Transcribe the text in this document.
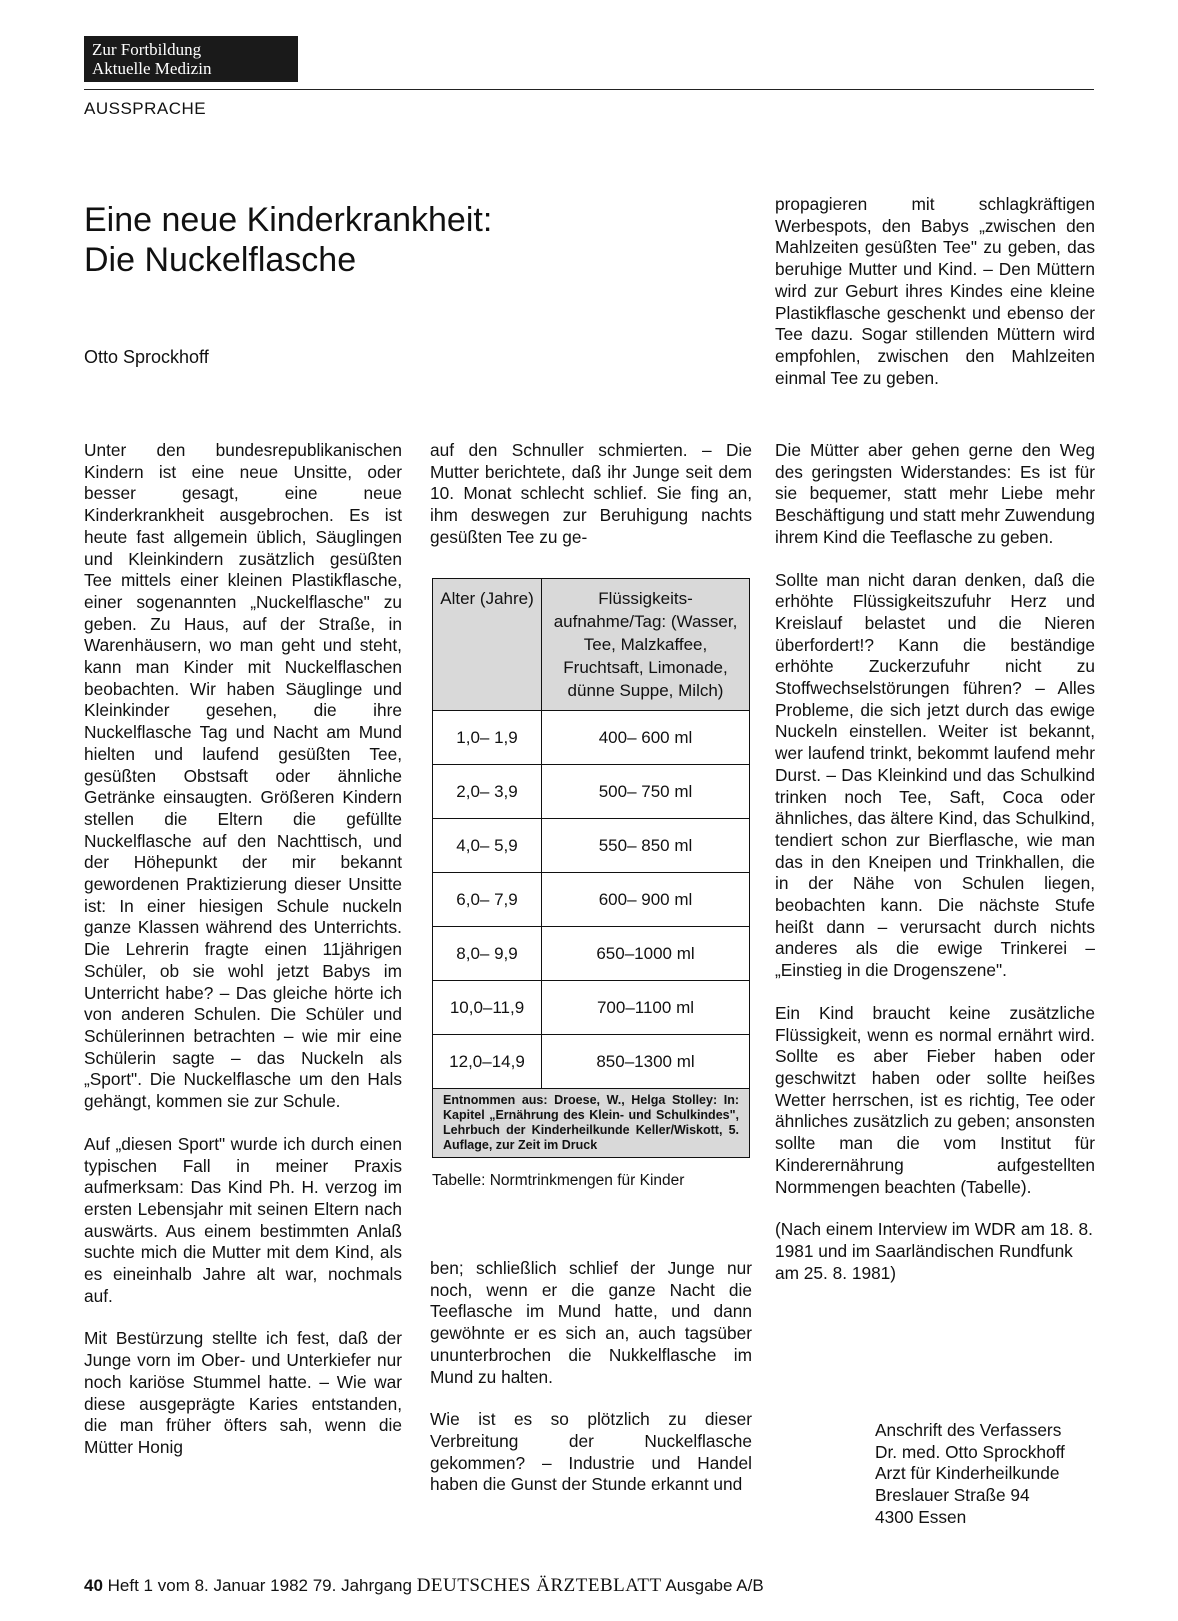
Zur Fortbildung
Aktuelle Medizin
AUSSPRACHE
Eine neue Kinderkrankheit:
Die Nuckelflasche
Otto Sprockhoff

Unter den bundesrepublikanischen Kindern ist eine neue Unsitte, oder besser gesagt, eine neue Kinderkrankheit ausgebrochen. Es ist heute fast allgemein üblich, Säuglingen und Kleinkindern zusätzlich gesüßten Tee mittels einer kleinen Plastikflasche, einer sogenannten „Nuckelflasche" zu geben. Zu Haus, auf der Straße, in Warenhäusern, wo man geht und steht, kann man Kinder mit Nuckelflaschen beobachten. Wir haben Säuglinge und Kleinkinder gesehen, die ihre Nuckelflasche Tag und Nacht am Mund hielten und laufend gesüßten Tee, gesüßten Obstsaft oder ähnliche Getränke einsaugten. Größeren Kindern stellen die Eltern die gefüllte Nuckelflasche auf den Nachttisch, und der Höhepunkt der mir bekannt gewordenen Praktizierung dieser Unsitte ist: In einer hiesigen Schule nuckeln ganze Klassen während des Unterrichts. Die Lehrerin fragte einen 11jährigen Schüler, ob sie wohl jetzt Babys im Unterricht habe? – Das gleiche hörte ich von anderen Schulen. Die Schüler und Schülerinnen betrachten – wie mir eine Schülerin sagte – das Nuckeln als „Sport". Die Nuckelflasche um den Hals gehängt, kommen sie zur Schule.

Auf „diesen Sport" wurde ich durch einen typischen Fall in meiner Praxis aufmerksam: Das Kind Ph. H. verzog im ersten Lebensjahr mit seinen Eltern nach auswärts. Aus einem bestimmten Anlaß suchte mich die Mutter mit dem Kind, als es eineinhalb Jahre alt war, nochmals auf.

Mit Bestürzung stellte ich fest, daß der Junge vorn im Ober- und Unterkiefer nur noch kariöse Stummel hatte. – Wie war diese ausgeprägte Karies entstanden, die man früher öfters sah, wenn die Mütter Honig

auf den Schnuller schmierten. – Die Mutter berichtete, daß ihr Junge seit dem 10. Monat schlecht schlief. Sie fing an, ihm deswegen zur Beruhigung nachts gesüßten Tee zu ge-

Alter (Jahre)	Flüssigkeits-aufnahme/Tag: (Wasser, Tee, Malzkaffee, Fruchtsaft, Limonade, dünne Suppe, Milch)
1,0– 1,9	400– 600 ml
2,0– 3,9	500– 750 ml
4,0– 5,9	550– 850 ml
6,0– 7,9	600– 900 ml
8,0– 9,9	650–1000 ml
10,0–11,9	700–1100 ml
12,0–14,9	850–1300 ml
Entnommen aus: Droese, W., Helga Stolley: In: Kapitel „Ernährung des Klein- und Schulkindes", Lehrbuch der Kinderheilkunde Keller/Wiskott, 5. Auflage, zur Zeit im Druck
Tabelle: Normtrinkmengen für Kinder

ben; schließlich schlief der Junge nur noch, wenn er die ganze Nacht die Teeflasche im Mund hatte, und dann gewöhnte er es sich an, auch tagsüber ununterbrochen die Nukkelflasche im Mund zu halten.

Wie ist es so plötzlich zu dieser Verbreitung der Nuckelflasche gekommen? – Industrie und Handel haben die Gunst der Stunde erkannt und

propagieren mit schlagkräftigen Werbespots, den Babys „zwischen den Mahlzeiten gesüßten Tee" zu geben, das beruhige Mutter und Kind. – Den Müttern wird zur Geburt ihres Kindes eine kleine Plastikflasche geschenkt und ebenso der Tee dazu. Sogar stillenden Müttern wird empfohlen, zwischen den Mahlzeiten einmal Tee zu geben.

Die Mütter aber gehen gerne den Weg des geringsten Widerstandes: Es ist für sie bequemer, statt mehr Liebe mehr Beschäftigung und statt mehr Zuwendung ihrem Kind die Teeflasche zu geben.

Sollte man nicht daran denken, daß die erhöhte Flüssigkeitszufuhr Herz und Kreislauf belastet und die Nieren überfordert!? Kann die beständige erhöhte Zuckerzufuhr nicht zu Stoffwechselstörungen führen? – Alles Probleme, die sich jetzt durch das ewige Nuckeln einstellen. Weiter ist bekannt, wer laufend trinkt, bekommt laufend mehr Durst. – Das Kleinkind und das Schulkind trinken noch Tee, Saft, Coca oder ähnliches, das ältere Kind, das Schulkind, tendiert schon zur Bierflasche, wie man das in den Kneipen und Trinkhallen, die in der Nähe von Schulen liegen, beobachten kann. Die nächste Stufe heißt dann – verursacht durch nichts anderes als die ewige Trinkerei – „Einstieg in die Drogenszene".

Ein Kind braucht keine zusätzliche Flüssigkeit, wenn es normal ernährt wird. Sollte es aber Fieber haben oder geschwitzt haben oder sollte heißes Wetter herrschen, ist es richtig, Tee oder ähnliches zusätzlich zu geben; ansonsten sollte man die vom Institut für Kinderernährung aufgestellten Normmengen beachten (Tabelle).

(Nach einem Interview im WDR am 18. 8. 1981 und im Saarländischen Rundfunk am 25. 8. 1981)

Anschrift des Verfassers
Dr. med. Otto Sprockhoff
Arzt für Kinderheilkunde
Breslauer Straße 94
4300 Essen
40 Heft 1 vom 8. Januar 1982 79. Jahrgang DEUTSCHES ÄRZTEBLATT Ausgabe A/B
